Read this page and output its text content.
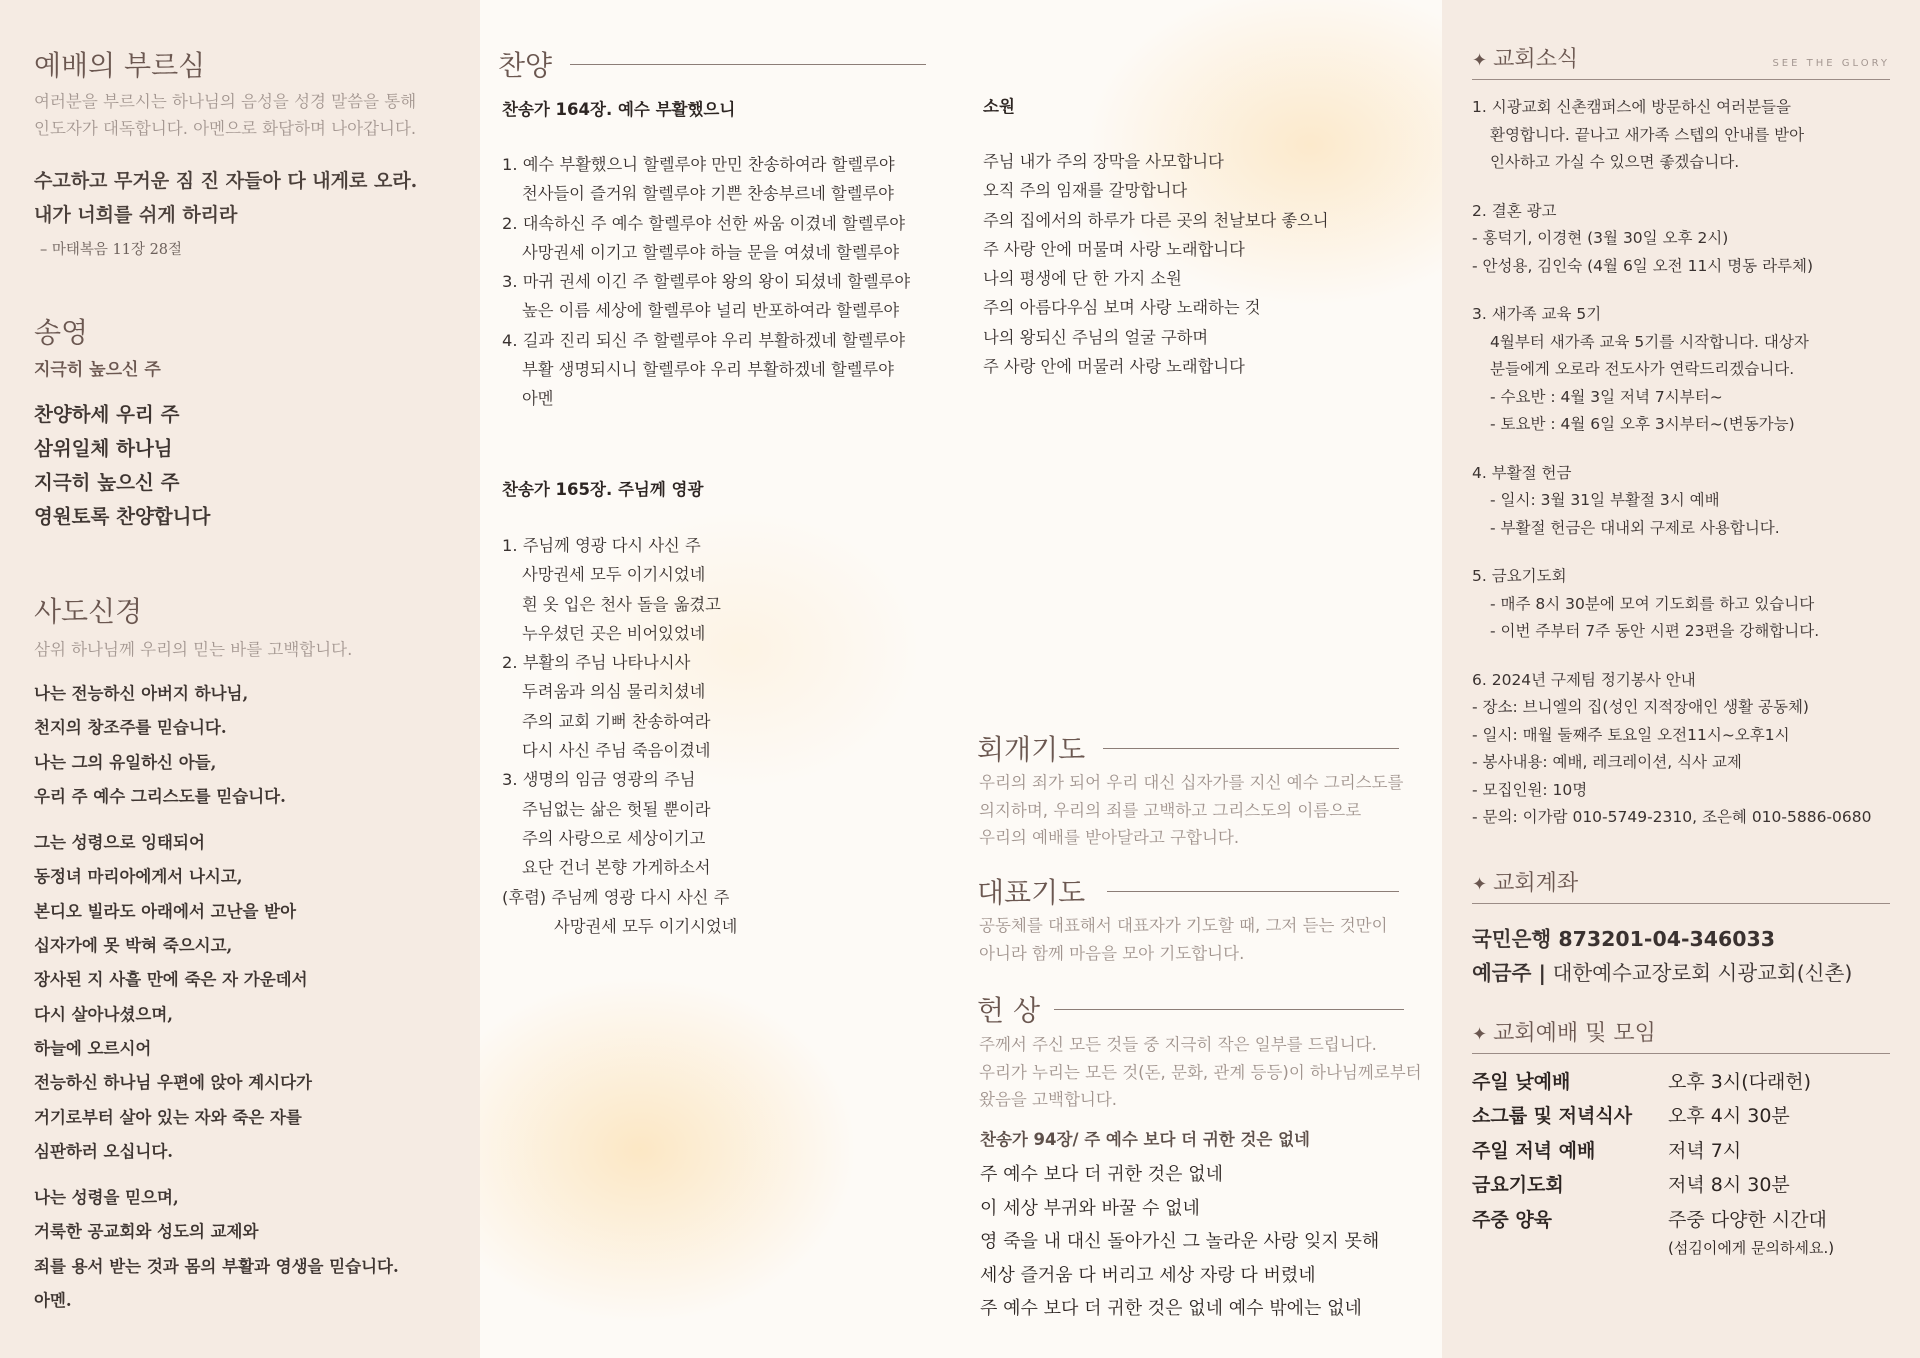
예배의 부르심
여러분을 부르시는 하나님의 음성을 성경 말씀을 통해
인도자가 대독합니다. 아멘으로 화답하며 나아갑니다.
수고하고 무거운 짐 진 자들아 다 내게로 오라.
내가 너희를 쉬게 하리라
– 마태복음 11장 28절
송영
지극히 높으신 주
찬양하세 우리 주
삼위일체 하나님
지극히 높으신 주
영원토록 찬양합니다
사도신경
삼위 하나님께 우리의 믿는 바를 고백합니다.
나는 전능하신 아버지 하나님,
천지의 창조주를 믿습니다.
나는 그의 유일하신 아들,
우리 주 예수 그리스도를 믿습니다.
그는 성령으로 잉태되어
동정녀 마리아에게서 나시고,
본디오 빌라도 아래에서 고난을 받아
십자가에 못 박혀 죽으시고,
장사된 지 사흘 만에 죽은 자 가운데서
다시 살아나셨으며,
하늘에 오르시어
전능하신 하나님 우편에 앉아 계시다가
거기로부터 살아 있는 자와 죽은 자를
심판하러 오십니다.
나는 성령을 믿으며,
거룩한 공교회와 성도의 교제와
죄를 용서 받는 것과 몸의 부활과 영생을 믿습니다.
아멘.
찬양
찬송가 164장. 예수 부활했으니
1. 예수 부활했으니 할렐루야 만민 찬송하여라 할렐루야
천사들이 즐거워 할렐루야 기쁜 찬송부르네 할렐루야
2. 대속하신 주 예수 할렐루야 선한 싸움 이겼네 할렐루야
사망권세 이기고 할렐루야 하늘 문을 여셨네 할렐루야
3. 마귀 권세 이긴 주 할렐루야 왕의 왕이 되셨네 할렐루야
높은 이름 세상에 할렐루야 널리 반포하여라 할렐루야
4. 길과 진리 되신 주 할렐루야 우리 부활하겠네 할렐루야
부활 생명되시니 할렐루야 우리 부활하겠네 할렐루야
아멘
찬송가 165장. 주님께 영광
1. 주님께 영광 다시 사신 주
사망권세 모두 이기시었네
흰 옷 입은 천사 돌을 옮겼고
누우셨던 곳은 비어있었네
2. 부활의 주님 나타나시사
두려움과 의심 물리치셨네
주의 교회 기뻐 찬송하여라
다시 사신 주님 죽음이겼네
3. 생명의 임금 영광의 주님
주님없는 삶은 헛될 뿐이라
주의 사랑으로 세상이기고
요단 건너 본향 가게하소서
(후렴) 주님께 영광 다시 사신 주
사망권세 모두 이기시었네
소원
주님 내가 주의 장막을 사모합니다
오직 주의 임재를 갈망합니다
주의 집에서의 하루가 다른 곳의 천날보다 좋으니
주 사랑 안에 머물며 사랑 노래합니다
나의 평생에 단 한 가지 소원
주의 아름다우심 보며 사랑 노래하는 것
나의 왕되신 주님의 얼굴 구하며
주 사랑 안에 머물러 사랑 노래합니다
회개기도
우리의 죄가 되어 우리 대신 십자가를 지신 예수 그리스도를
의지하며, 우리의 죄를 고백하고 그리스도의 이름으로
우리의 예배를 받아달라고 구합니다.
대표기도
공동체를 대표해서 대표자가 기도할 때, 그저 듣는 것만이
아니라 함께 마음을 모아 기도합니다.
헌 상
주께서 주신 모든 것들 중 지극히 작은 일부를 드립니다.
우리가 누리는 모든 것(돈, 문화, 관계 등등)이 하나님께로부터
왔음을 고백합니다.
찬송가 94장/ 주 예수 보다 더 귀한 것은 없네
주 예수 보다 더 귀한 것은 없네
이 세상 부귀와 바꿀 수 없네
영 죽을 내 대신 돌아가신 그 놀라운 사랑 잊지 못해
세상 즐거움 다 버리고 세상 자랑 다 버렸네
주 예수 보다 더 귀한 것은 없네 예수 밖에는 없네
✦ 교회소식	SEE THE GLORY
1. 시광교회 신촌캠퍼스에 방문하신 여러분들을
환영합니다. 끝나고 새가족 스텝의 안내를 받아
인사하고 가실 수 있으면 좋겠습니다.
2. 결혼 광고
- 홍덕기, 이경현 (3월 30일 오후 2시)
- 안성용, 김인숙 (4월 6일 오전 11시 명동 라루체)
3. 새가족 교육 5기
4월부터 새가족 교육 5기를 시작합니다. 대상자
분들에게 오로라 전도사가 연락드리겠습니다.
- 수요반 : 4월 3일 저녁 7시부터~
- 토요반 : 4월 6일 오후 3시부터~(변동가능)
4. 부활절 헌금
- 일시: 3월 31일 부활절 3시 예배
- 부활절 헌금은 대내외 구제로 사용합니다.
5. 금요기도회
- 매주 8시 30분에 모여 기도회를 하고 있습니다
- 이번 주부터 7주 동안 시편 23편을 강해합니다.
6. 2024년 구제팀 정기봉사 안내
- 장소: 브니엘의 집(성인 지적장애인 생활 공동체)
- 일시: 매월 둘째주 토요일 오전11시~오후1시
- 봉사내용: 예배, 레크레이션, 식사 교제
- 모집인원: 10명
- 문의: 이가람 010-5749-2310, 조은혜 010-5886-0680
✦ 교회계좌
국민은행 873201-04-346033
예금주 | 대한예수교장로회 시광교회(신촌)
✦ 교회예배 및 모임
주일 낮예배	오후 3시(다래헌)
소그룹 및 저녁식사	오후 4시 30분
주일 저녁 예배	저녁 7시
금요기도회	저녁 8시 30분
주중 양육	주중 다양한 시간대
(섬김이에게 문의하세요.)
